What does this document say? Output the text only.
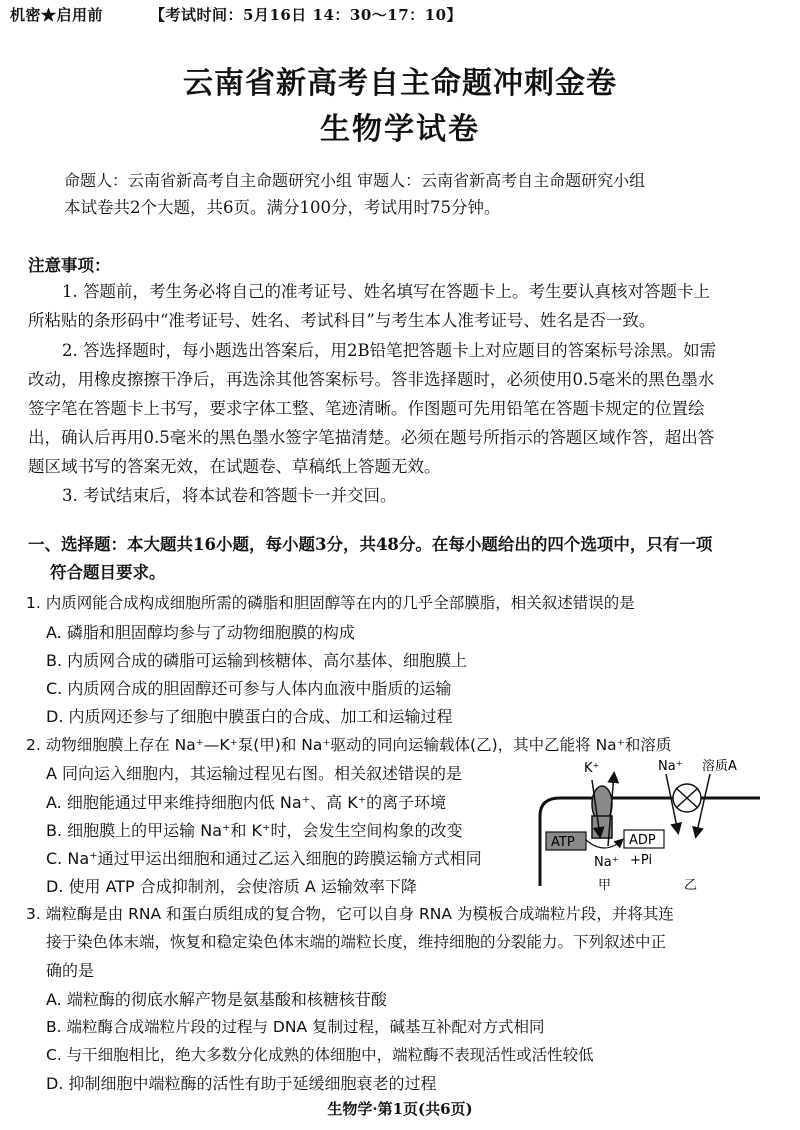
机密★启用前	【考试时间：5月16日 14：30～17：10】
云南省新高考自主命题冲刺金卷
生物学试卷
命题人：云南省新高考自主命题研究小组 审题人：云南省新高考自主命题研究小组
本试卷共2个大题，共6页。满分100分，考试用时75分钟。
注意事项：
1. 答题前，考生务必将自己的准考证号、姓名填写在答题卡上。考生要认真核对答题卡上
所粘贴的条形码中“准考证号、姓名、考试科目”与考生本人准考证号、姓名是否一致。
2. 答选择题时，每小题选出答案后，用2B铅笔把答题卡上对应题目的答案标号涂黑。如需
改动，用橡皮擦擦干净后，再选涂其他答案标号。答非选择题时，必须使用0.5毫米的黑色墨水
签字笔在答题卡上书写，要求字体工整、笔迹清晰。作图题可先用铅笔在答题卡规定的位置绘
出，确认后再用0.5毫米的黑色墨水签字笔描清楚。必须在题号所指示的答题区域作答，超出答
题区域书写的答案无效，在试题卷、草稿纸上答题无效。
3. 考试结束后，将本试卷和答题卡一并交回。
一、选择题：本大题共16小题，每小题3分，共48分。在每小题给出的四个选项中，只有一项
符合题目要求。
1. 内质网能合成构成细胞所需的磷脂和胆固醇等在内的几乎全部膜脂，相关叙述错误的是
A. 磷脂和胆固醇均参与了动物细胞膜的构成
B. 内质网合成的磷脂可运输到核糖体、高尔基体、细胞膜上
C. 内质网合成的胆固醇还可参与人体内血液中脂质的运输
D. 内质网还参与了细胞中膜蛋白的合成、加工和运输过程
2. 动物细胞膜上存在 Na⁺—K⁺泵(甲)和 Na⁺驱动的同向运输载体(乙)，其中乙能将 Na⁺和溶质
A 同向运入细胞内，其运输过程见右图。相关叙述错误的是
A. 细胞能通过甲来维持细胞内低 Na⁺、高 K⁺的离子环境
B. 细胞膜上的甲运输 Na⁺和 K⁺时，会发生空间构象的改变
C. Na⁺通过甲运出细胞和通过乙运入细胞的跨膜运输方式相同
D. 使用 ATP 合成抑制剂，会使溶质 A 运输效率下降
K⁺	Na⁺ 溶质A
ATP	ADP
Na⁺ +Pi
甲	乙
3. 端粒酶是由 RNA 和蛋白质组成的复合物，它可以自身 RNA 为模板合成端粒片段，并将其连
接于染色体末端，恢复和稳定染色体末端的端粒长度，维持细胞的分裂能力。下列叙述中正
确的是
A. 端粒酶的彻底水解产物是氨基酸和核糖核苷酸
B. 端粒酶合成端粒片段的过程与 DNA 复制过程，碱基互补配对方式相同
C. 与干细胞相比，绝大多数分化成熟的体细胞中，端粒酶不表现活性或活性较低
D. 抑制细胞中端粒酶的活性有助于延缓细胞衰老的过程
生物学·第1页(共6页)
